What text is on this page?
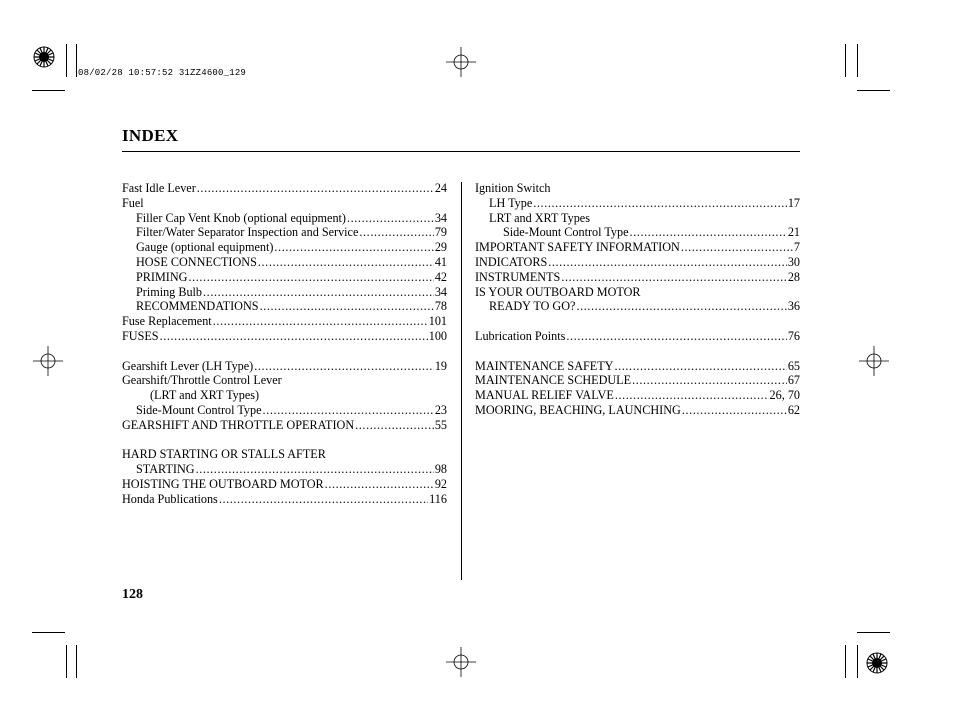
08/02/28 10:57:52 31ZZ4600_129
INDEX
Fast Idle Lever .....	24
Fuel
Filler Cap Vent Knob (optional equipment) .....	34
Filter/Water Separator Inspection and Service .....	79
Gauge (optional equipment) .....	29
HOSE CONNECTIONS .....	41
PRIMING .....	42
Priming Bulb .....	34
RECOMMENDATIONS .....	78
Fuse Replacement .....	101
FUSES .....	100
Gearshift Lever (LH Type) .....	19
Gearshift/Throttle Control Lever
(LRT and XRT Types)
Side-Mount Control Type .....	23
GEARSHIFT AND THROTTLE OPERATION .....	55
HARD STARTING OR STALLS AFTER
STARTING .....	98
HOISTING THE OUTBOARD MOTOR .....	92
Honda Publications .....	116
Ignition Switch
LH Type .....	17
LRT and XRT Types
Side-Mount Control Type .....	21
IMPORTANT SAFETY INFORMATION .....	7
INDICATORS .....	30
INSTRUMENTS .....	28
IS YOUR OUTBOARD MOTOR
READY TO GO? .....	36
Lubrication Points .....	76
MAINTENANCE SAFETY .....	65
MAINTENANCE SCHEDULE .....	67
MANUAL RELIEF VALVE .....	26, 70
MOORING, BEACHING, LAUNCHING .....	62
128
